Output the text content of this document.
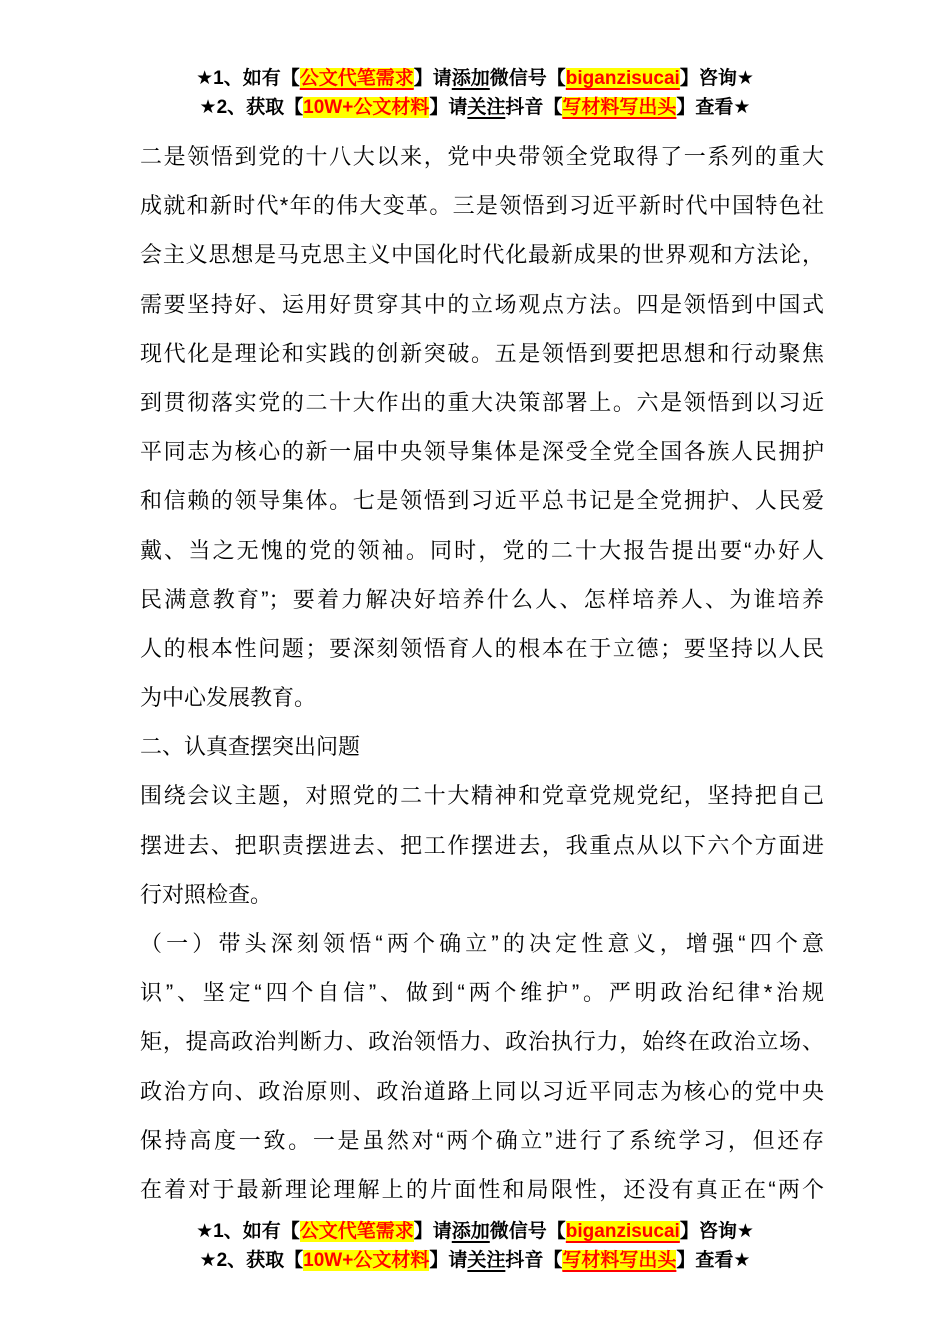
★1、如有【公文代笔需求】请添加微信号【biganzisucai】咨询★
★2、获取【10W+公文材料】请关注抖音【写材料写出头】查看★
二是领悟到党的十八大以来，党中央带领全党取得了一系列的重大
成就和新时代*年的伟大变革。三是领悟到习近平新时代中国特色社
会主义思想是马克思主义中国化时代化最新成果的世界观和方法论，
需要坚持好、运用好贯穿其中的立场观点方法。四是领悟到中国式
现代化是理论和实践的创新突破。五是领悟到要把思想和行动聚焦
到贯彻落实党的二十大作出的重大决策部署上。六是领悟到以习近
平同志为核心的新一届中央领导集体是深受全党全国各族人民拥护
和信赖的领导集体。七是领悟到习近平总书记是全党拥护、人民爱
戴、当之无愧的党的领袖。同时，党的二十大报告提出要“办好人
民满意教育”；要着力解决好培养什么人、怎样培养人、为谁培养
人的根本性问题；要深刻领悟育人的根本在于立德；要坚持以人民
为中心发展教育。
二、认真查摆突出问题
围绕会议主题，对照党的二十大精神和党章党规党纪，坚持把自己
摆进去、把职责摆进去、把工作摆进去，我重点从以下六个方面进
行对照检查。
（一）带头深刻领悟“两个确立”的决定性意义，增强“四个意
识”、坚定“四个自信”、做到“两个维护”。严明政治纪律*治规
矩，提高政治判断力、政治领悟力、政治执行力，始终在政治立场、
政治方向、政治原则、政治道路上同以习近平同志为核心的党中央
保持高度一致。一是虽然对“两个确立”进行了系统学习，但还存
在着对于最新理论理解上的片面性和局限性，还没有真正在“两个
★1、如有【公文代笔需求】请添加微信号【biganzisucai】咨询★
★2、获取【10W+公文材料】请关注抖音【写材料写出头】查看★
